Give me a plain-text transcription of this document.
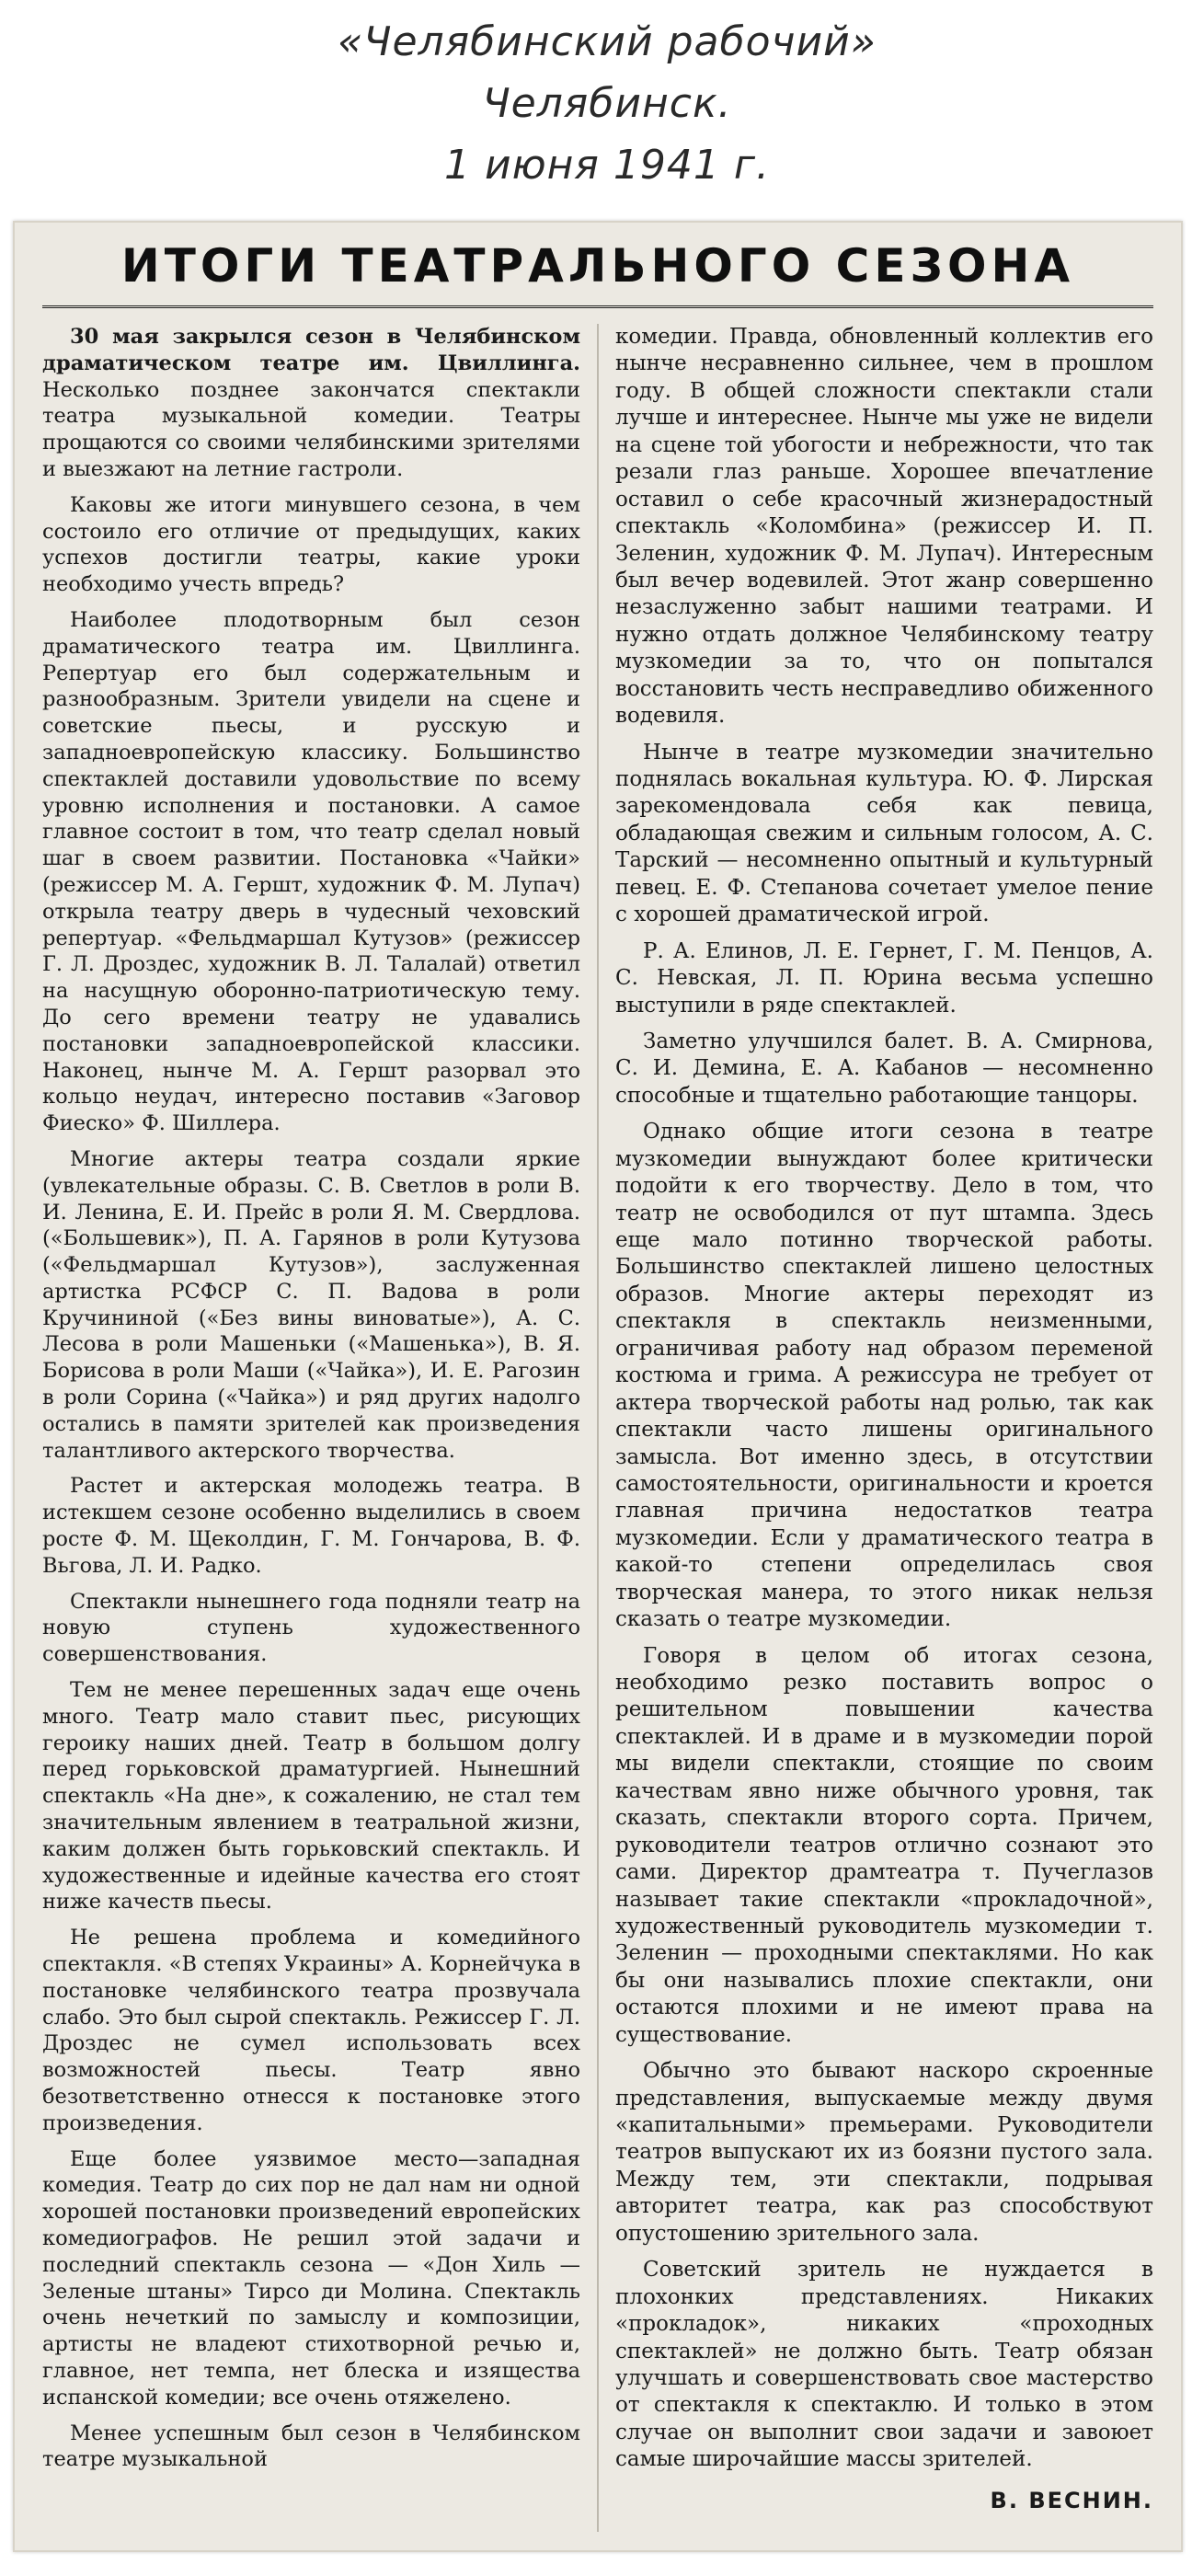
«Челябинский рабочий»
Челябинск.
1 июня 1941 г.
ИТОГИ ТЕАТРАЛЬНОГО СЕЗОНА

30 мая закрылся сезон в Челябинском драматическом театре им. Цвиллинга. Несколько позднее закончатся спектакли театра музыкальной комедии. Театры прощаются со своими челябинскими зрителями и выезжают на летние гастроли.

Каковы же итоги минувшего сезона, в чем состоило его отличие от предыдущих, каких успехов достигли театры, какие уроки необходимо учесть впредь?

Наиболее плодотворным был сезон драматического театра им. Цвиллинга. Репертуар его был содержательным и разнообразным. Зрители увидели на сцене и советские пьесы, и русскую и западноевропейскую классику. Большинство спектаклей доставили удовольствие по всему уровню исполнения и постановки. А самое главное состоит в том, что театр сделал новый шаг в своем развитии. Постановка «Чайки» (режиссер М. А. Гершт, художник Ф. М. Лупач) открыла театру дверь в чудесный чеховский репертуар. «Фельдмаршал Кутузов» (режиссер Г. Л. Дроздес, художник В. Л. Талалай) ответил на насущную оборонно-патриотическую тему. До сего времени театру не удавались постановки западноевропейской классики. Наконец, нынче М. А. Гершт разорвал это кольцо неудач, интересно поставив «Заговор Фиеско» Ф. Шиллера.

Многие актеры театра создали яркие (увлекательные образы. С. В. Светлов в роли В. И. Ленина, Е. И. Прейс в роли Я. М. Свердлова. («Большевик»), П. А. Гарянов в роли Кутузова («Фельдмаршал Кутузов»), заслуженная артистка РСФСР С. П. Вадова в роли Кручининой («Без вины виноватые»), А. С. Лесова в роли Машеньки («Машенька»), В. Я. Борисова в роли Маши («Чайка»), И. Е. Рагозин в роли Сорина («Чайка») и ряд других надолго остались в памяти зрителей как произведения талантливого актерского творчества.

Растет и актерская молодежь театра. В истекшем сезоне особенно выделились в своем росте Ф. М. Щеколдин, Г. М. Гончарова, В. Ф. Вьгова, Л. И. Радко.

Спектакли нынешнего года подняли театр на новую ступень художественного совершенствования.

Тем не менее перешенных задач еще очень много. Театр мало ставит пьес, рисующих героику наших дней. Театр в большом долгу перед горьковской драматургией. Нынешний спектакль «На дне», к сожалению, не стал тем значительным явлением в театральной жизни, каким должен быть горьковский спектакль. И художественные и идейные качества его стоят ниже качеств пьесы.

Не решена проблема и комедийного спектакля. «В степях Украины» А. Корнейчука в постановке челябинского театра прозвучала слабо. Это был сырой спектакль. Режиссер Г. Л. Дроздес не сумел использовать всех возможностей пьесы. Театр явно безответственно отнесся к постановке этого произведения.

Еще более уязвимое место—западная комедия. Театр до сих пор не дал нам ни одной хорошей постановки произведений европейских комедиографов. Не решил этой задачи и последний спектакль сезона — «Дон Хиль — Зеленые штаны» Тирсо ди Молина. Спектакль очень нечеткий по замыслу и композиции, артисты не владеют стихотворной речью и, главное, нет темпа, нет блеска и изящества испанской комедии; все очень отяжелено.

Менее успешным был сезон в Челябинском театре музыкальной

комедии. Правда, обновленный коллектив его нынче несравненно сильнее, чем в прошлом году. В общей сложности спектакли стали лучше и интереснее. Нынче мы уже не видели на сцене той убогости и небрежности, что так резали глаз раньше. Хорошее впечатление оставил о себе красочный жизнерадостный спектакль «Коломбина» (режиссер И. П. Зеленин, художник Ф. М. Лупач). Интересным был вечер водевилей. Этот жанр совершенно незаслуженно забыт нашими театрами. И нужно отдать должное Челябинскому театру музкомедии за то, что он попытался восстановить честь несправедливо обиженного водевиля.

Нынче в театре музкомедии значительно поднялась вокальная культура. Ю. Ф. Лирская зарекомендовала себя как певица, обладающая свежим и сильным голосом, А. С. Тарский — несомненно опытный и культурный певец. Е. Ф. Степанова сочетает умелое пение с хорошей драматической игрой.

Р. А. Елинов, Л. Е. Гернет, Г. М. Пенцов, А. С. Невская, Л. П. Юрина весьма успешно выступили в ряде спектаклей.

Заметно улучшился балет. В. А. Смирнова, С. И. Демина, Е. А. Кабанов — несомненно способные и тщательно работающие танцоры.

Однако общие итоги сезона в театре музкомедии вынуждают более критически подойти к его творчеству. Дело в том, что театр не освободился от пут штампа. Здесь еще мало потинно творческой работы. Большинство спектаклей лишено целостных образов. Многие актеры переходят из спектакля в спектакль неизменными, ограничивая работу над образом переменой костюма и грима. А режиссура не требует от актера творческой работы над ролью, так как спектакли часто лишены оригинального замысла. Вот именно здесь, в отсутствии самостоятельности, оригинальности и кроется главная причина недостатков театра музкомедии. Если у драматического театра в какой-то степени определилась своя творческая манера, то этого никак нельзя сказать о театре музкомедии.

Говоря в целом об итогах сезона, необходимо резко поставить вопрос о решительном повышении качества спектаклей. И в драме и в музкомедии порой мы видели спектакли, стоящие по своим качествам явно ниже обычного уровня, так сказать, спектакли второго сорта. Причем, руководители театров отлично сознают это сами. Директор драмтеатра т. Пучеглазов называет такие спектакли «прокладочной», художественный руководитель музкомедии т. Зеленин — проходными спектаклями. Но как бы они назывались плохие спектакли, они остаются плохими и не имеют права на существование.

Обычно это бывают наскоро скроенные представления, выпускаемые между двумя «капитальными» премьерами. Руководители театров выпускают их из боязни пустого зала. Между тем, эти спектакли, подрывая авторитет театра, как раз способствуют опустошению зрительного зала.

Советский зритель не нуждается в плохонких представлениях. Никаких «прокладок», никаких «проходных спектаклей» не должно быть. Театр обязан улучшать и совершенствовать свое мастерство от спектакля к спектаклю. И только в этом случае он выполнит свои задачи и завоюет самые широчайшие массы зрителей.

В. ВЕСНИН.
